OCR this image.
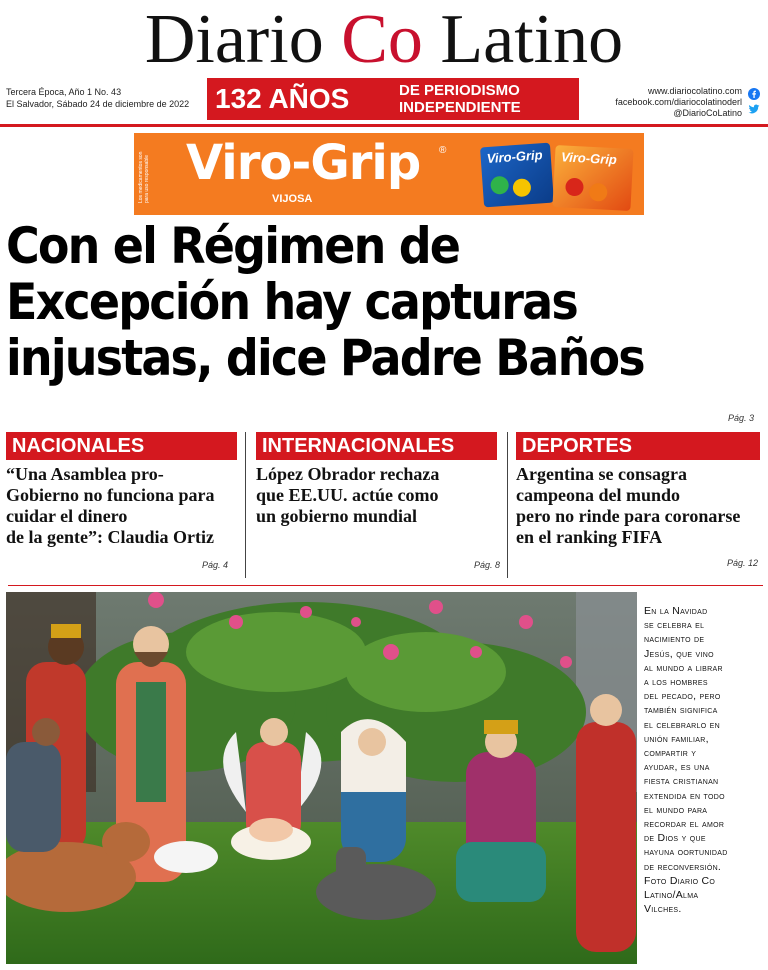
Diario Co Latino
Tercera Época, Año 1 No. 43
El Salvador, Sábado 24 de diciembre de 2022 132 AÑOS	DE PERIODISMO
INDEPENDIENTE
www.diariocolatino.com
facebook.com/diariocolatinoderl
@DiarioCoLatino
Los medicamentos son para uso responsable Viro-Grip ®
VIJOSA
Viro-Grip Viro-Grip
Con el Régimen de
Excepción hay capturas
injustas, dice Padre Baños
Pág. 3
NACIONALES
“Una Asamblea pro-
Gobierno no funciona para
cuidar el dinero
de la gente”: Claudia Ortiz
Pág. 4
INTERNACIONALES
López Obrador rechaza
que EE.UU. actúe como
un gobierno mundial
Pág. 8
DEPORTES
Argentina se consagra
campeona del mundo
pero no rinde para coronarse
en el ranking FIFA
Pág. 12
En la Navidad
se celebra el
nacimiento de
Jesús, que vino
al mundo a librar
a los hombres
del pecado, pero
también significa
el celebrarlo en
unión familiar,
compartir y
ayudar, es una
fiesta cristianan
extendida en todo
el mundo para
recordar el amor
de Dios y que
hayuna oortunidad
de reconversión.
Foto Diario Co
Latino/Alma
Vilches.
